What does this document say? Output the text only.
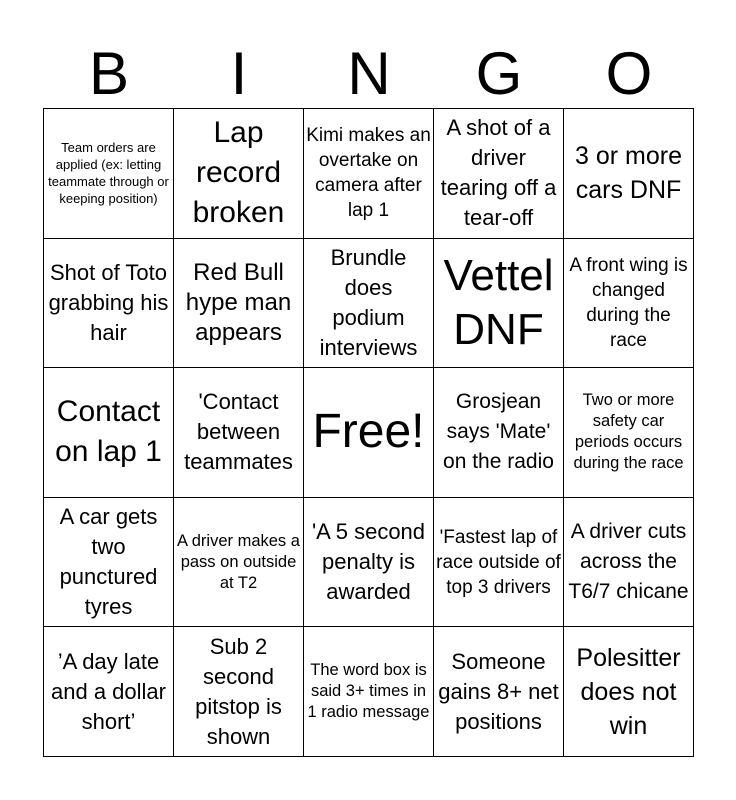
B	I	N	G	O
Team orders are applied (ex: letting teammate through or keeping position)
Lap record broken
Kimi makes an overtake on camera after lap 1
A shot of a driver tearing off a tear-off
3 or more cars DNF
Shot of Toto grabbing his hair
Red Bull hype man appears
Brundle does podium interviews
Vettel DNF
A front wing is changed during the race
Contact on lap 1
'Contact between teammates
Free!
Grosjean says 'Mate' on the radio
Two or more safety car periods occurs during the race
A car gets two punctured tyres
A driver makes a pass on outside at T2
'A 5 second penalty is awarded
'Fastest lap of race outside of top 3 drivers
A driver cuts across the T6/7 chicane
’A day late and a dollar short’
Sub 2 second pitstop is shown
The word box is said 3+ times in 1 radio message
Someone gains 8+ net positions
Polesitter does not win
